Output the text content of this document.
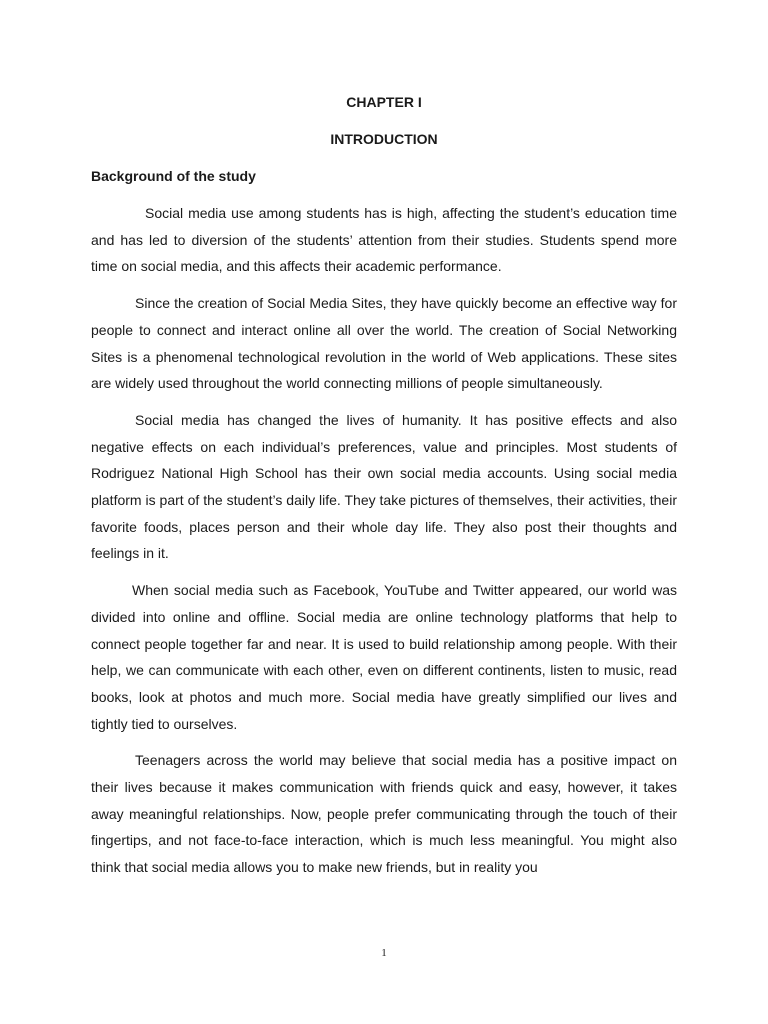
CHAPTER I
INTRODUCTION
Background of the study

Social media use among students has is high, affecting the student’s education time and has led to diversion of the students’ attention from their studies. Students spend more time on social media, and this affects their academic performance.

Since the creation of Social Media Sites, they have quickly become an effective way for people to connect and interact online all over the world. The creation of Social Networking Sites is a phenomenal technological revolution in the world of Web applications. These sites are widely used throughout the world connecting millions of people simultaneously.

Social media has changed the lives of humanity. It has positive effects and also negative effects on each individual’s preferences, value and principles. Most students of Rodriguez National High School has their own social media accounts. Using social media platform is part of the student’s daily life. They take pictures of themselves, their activities, their favorite foods, places person and their whole day life. They also post their thoughts and feelings in it.

When social media such as Facebook, YouTube and Twitter appeared, our world was divided into online and offline. Social media are online technology platforms that help to connect people together far and near. It is used to build relationship among people. With their help, we can communicate with each other, even on different continents, listen to music, read books, look at photos and much more. Social media have greatly simplified our lives and tightly tied to ourselves.

Teenagers across the world may believe that social media has a positive impact on their lives because it makes communication with friends quick and easy, however, it takes away meaningful relationships. Now, people prefer communicating through the touch of their fingertips, and not face-to-face interaction, which is much less meaningful. You might also think that social media allows you to make new friends, but in reality you

1
